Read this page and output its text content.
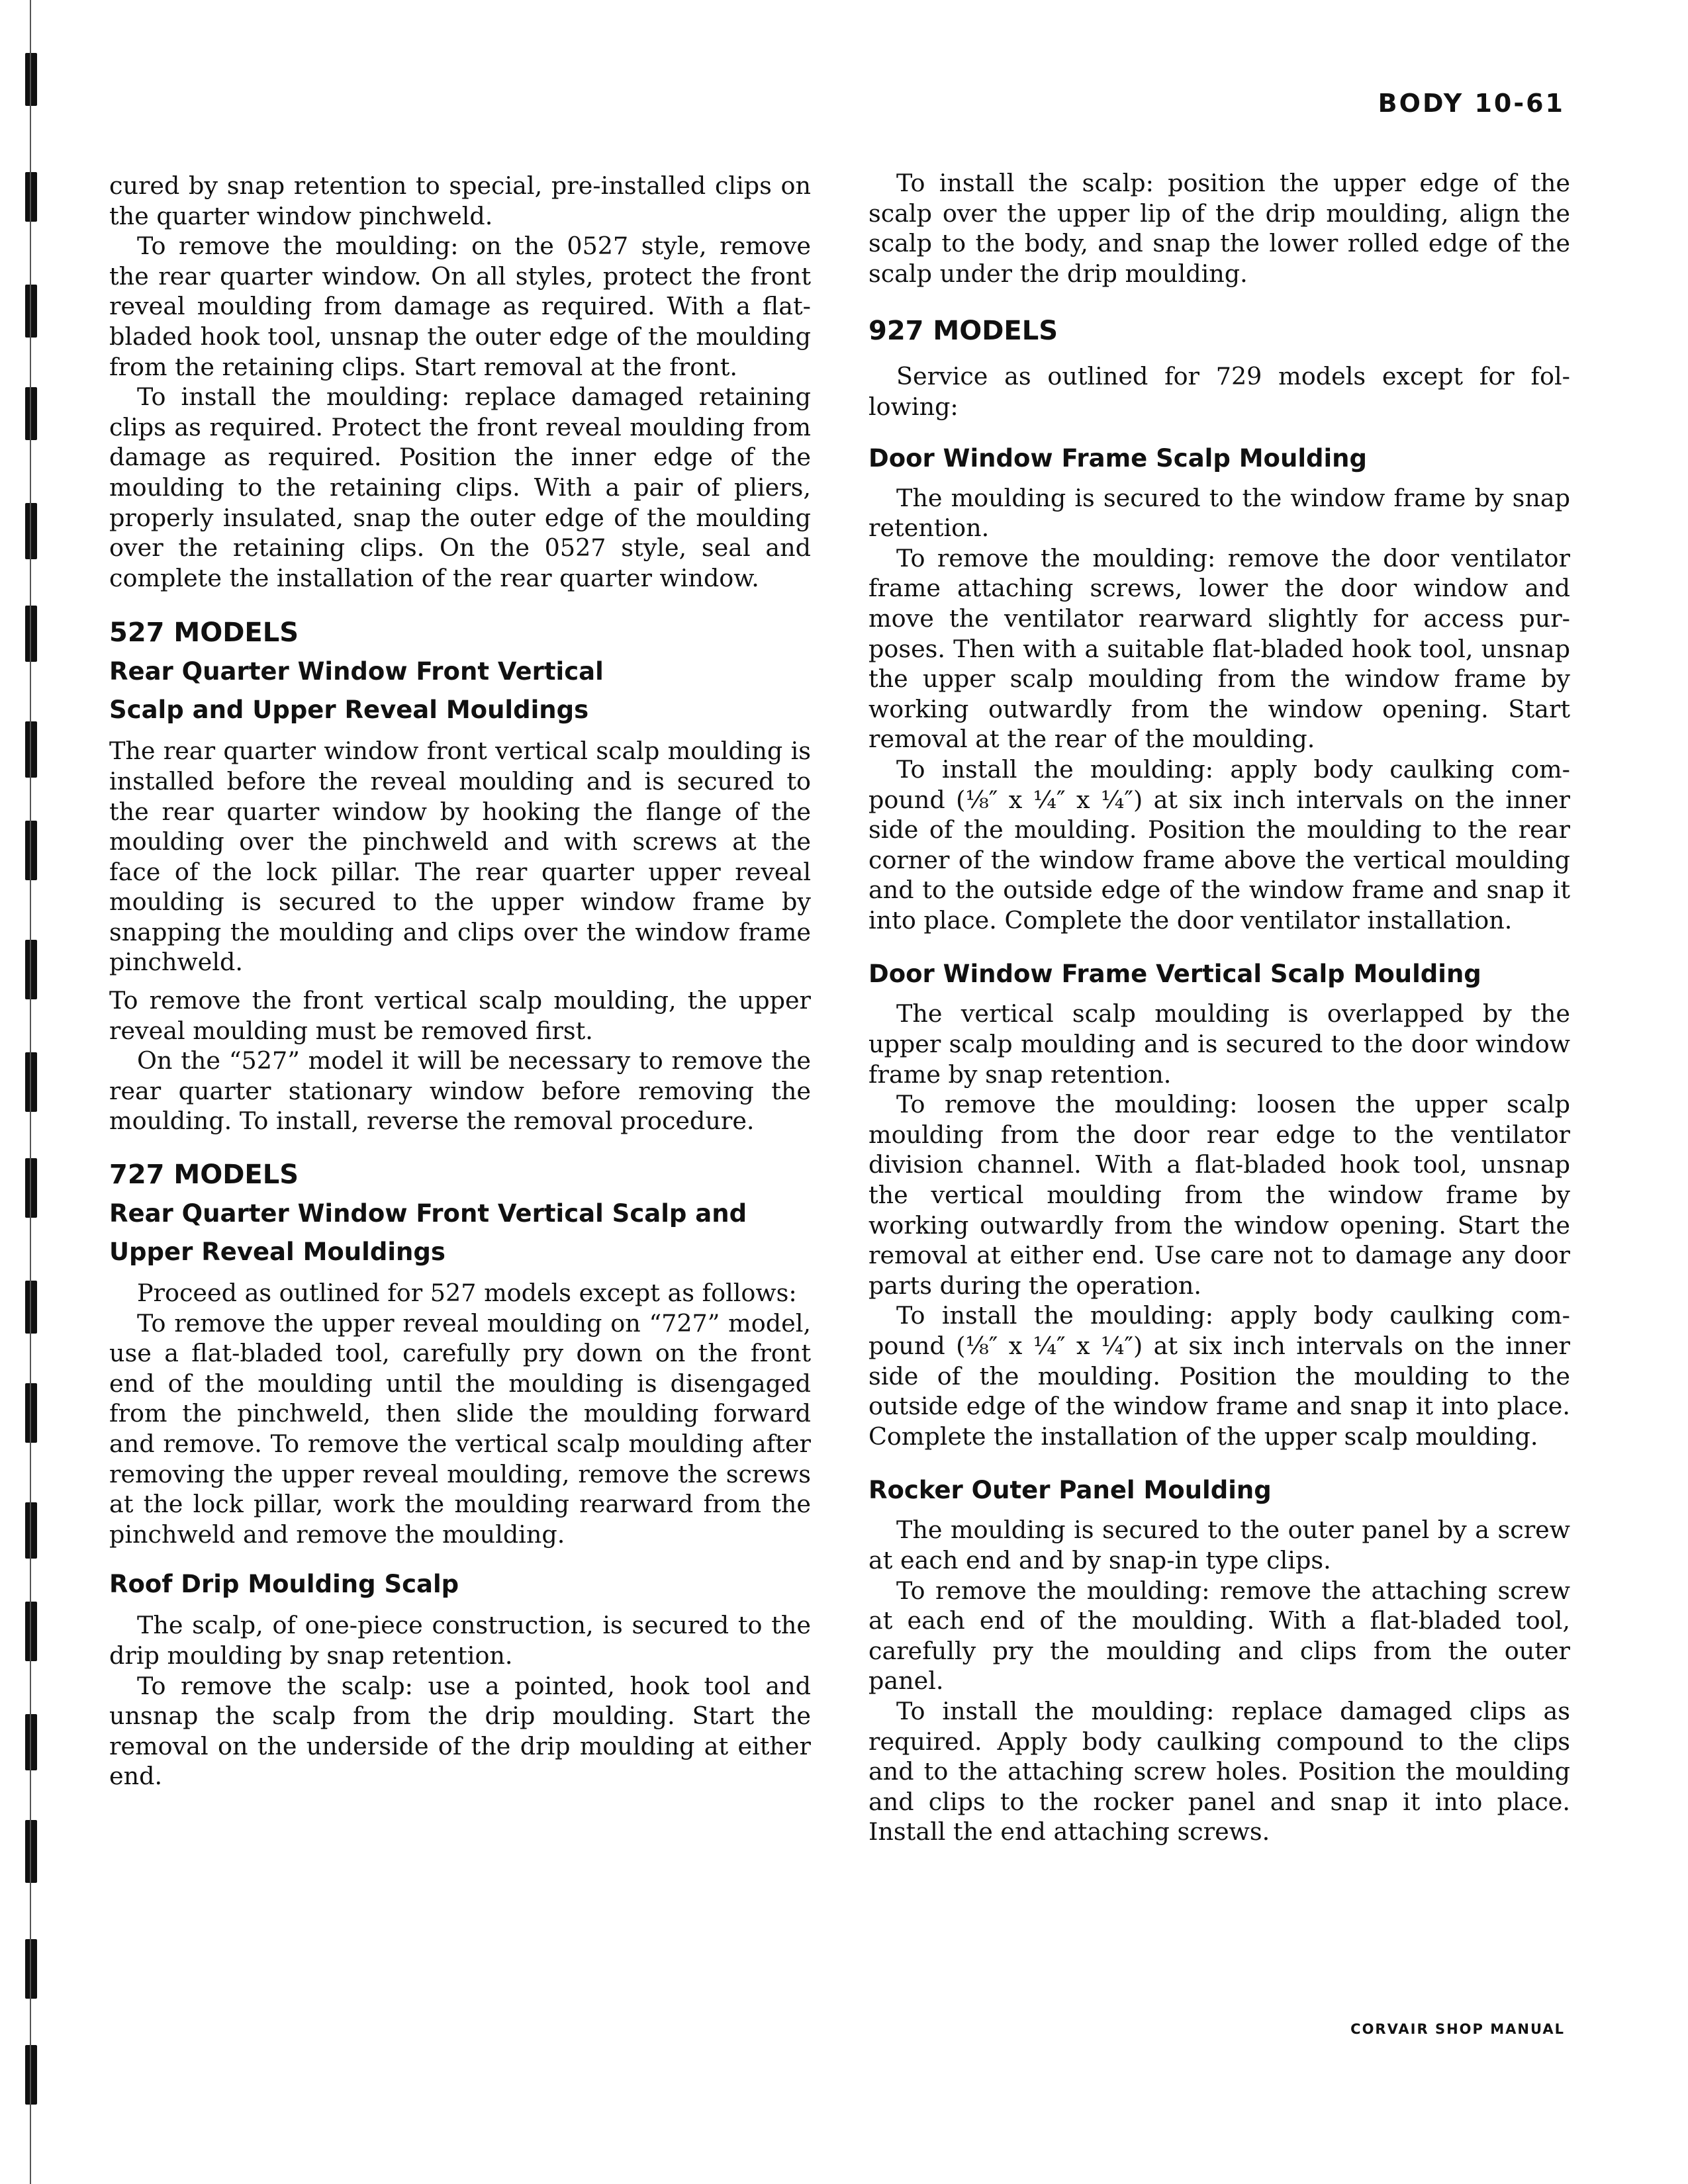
BODY 10-61

cured by snap retention to special, pre-installed clips on the quarter window pinchweld.

To remove the moulding: on the 0527 style, remove the rear quarter window. On all styles, protect the front reveal moulding from damage as required. With a flat-bladed hook tool, unsnap the outer edge of the moulding from the retaining clips. Start removal at the front.

To install the moulding: replace damaged retaining clips as required. Protect the front reveal moulding from damage as required. Position the inner edge of the moulding to the retaining clips. With a pair of pliers, properly insulated, snap the outer edge of the moulding over the retaining clips. On the 0527 style, seal and complete the installation of the rear quarter window.

527 MODELS
Rear Quarter Window Front Vertical
Scalp and Upper Reveal Mouldings

The rear quarter window front vertical scalp moulding is installed before the reveal moulding and is secured to the rear quarter window by hooking the flange of the moulding over the pinchweld and with screws at the face of the lock pillar. The rear quarter upper reveal moulding is secured to the upper window frame by snapping the moulding and clips over the window frame pinchweld.

To remove the front vertical scalp moulding, the upper reveal moulding must be removed first.

On the “527” model it will be necessary to remove the rear quarter stationary window before removing the moulding. To install, reverse the removal procedure.

727 MODELS
Rear Quarter Window Front Vertical Scalp and
Upper Reveal Mouldings

Proceed as outlined for 527 models except as follows:

To remove the upper reveal moulding on “727” model, use a flat-bladed tool, carefully pry down on the front end of the moulding until the moulding is disengaged from the pinchweld, then slide the moulding forward and remove. To remove the vertical scalp moulding after removing the upper reveal moulding, remove the screws at the lock pillar, work the moulding rearward from the pinchweld and remove the moulding.

Roof Drip Moulding Scalp

The scalp, of one-piece construction, is secured to the drip moulding by snap retention.

To remove the scalp: use a pointed, hook tool and unsnap the scalp from the drip moulding. Start the removal on the underside of the drip moulding at either end.

To install the scalp: position the upper edge of the scalp over the upper lip of the drip moulding, align the scalp to the body, and snap the lower rolled edge of the scalp under the drip moulding.

927 MODELS

Service as outlined for 729 models except for following:

Door Window Frame Scalp Moulding

The moulding is secured to the window frame by snap retention.

To remove the moulding: remove the door ventilator frame attaching screws, lower the door window and move the ventilator rearward slightly for access purposes. Then with a suitable flat-bladed hook tool, unsnap the upper scalp moulding from the window frame by working outwardly from the window opening. Start removal at the rear of the moulding.

To install the moulding: apply body caulking compound (⅛″ x ¼″ x ¼″) at six inch intervals on the inner side of the moulding. Position the moulding to the rear corner of the window frame above the vertical moulding and to the outside edge of the window frame and snap it into place. Complete the door ventilator installation.

Door Window Frame Vertical Scalp Moulding

The vertical scalp moulding is overlapped by the upper scalp moulding and is secured to the door window frame by snap retention.

To remove the moulding: loosen the upper scalp moulding from the door rear edge to the ventilator division channel. With a flat-bladed hook tool, unsnap the vertical moulding from the window frame by working outwardly from the window opening. Start the removal at either end. Use care not to damage any door parts during the operation.

To install the moulding: apply body caulking compound (⅛″ x ¼″ x ¼″) at six inch intervals on the inner side of the moulding. Position the moulding to the outside edge of the window frame and snap it into place. Complete the installation of the upper scalp moulding.

Rocker Outer Panel Moulding

The moulding is secured to the outer panel by a screw at each end and by snap-in type clips.

To remove the moulding: remove the attaching screw at each end of the moulding. With a flat-bladed tool, carefully pry the moulding and clips from the outer panel.

To install the moulding: replace damaged clips as required. Apply body caulking compound to the clips and to the attaching screw holes. Position the moulding and clips to the rocker panel and snap it into place. Install the end attaching screws.

CORVAIR SHOP MANUAL
